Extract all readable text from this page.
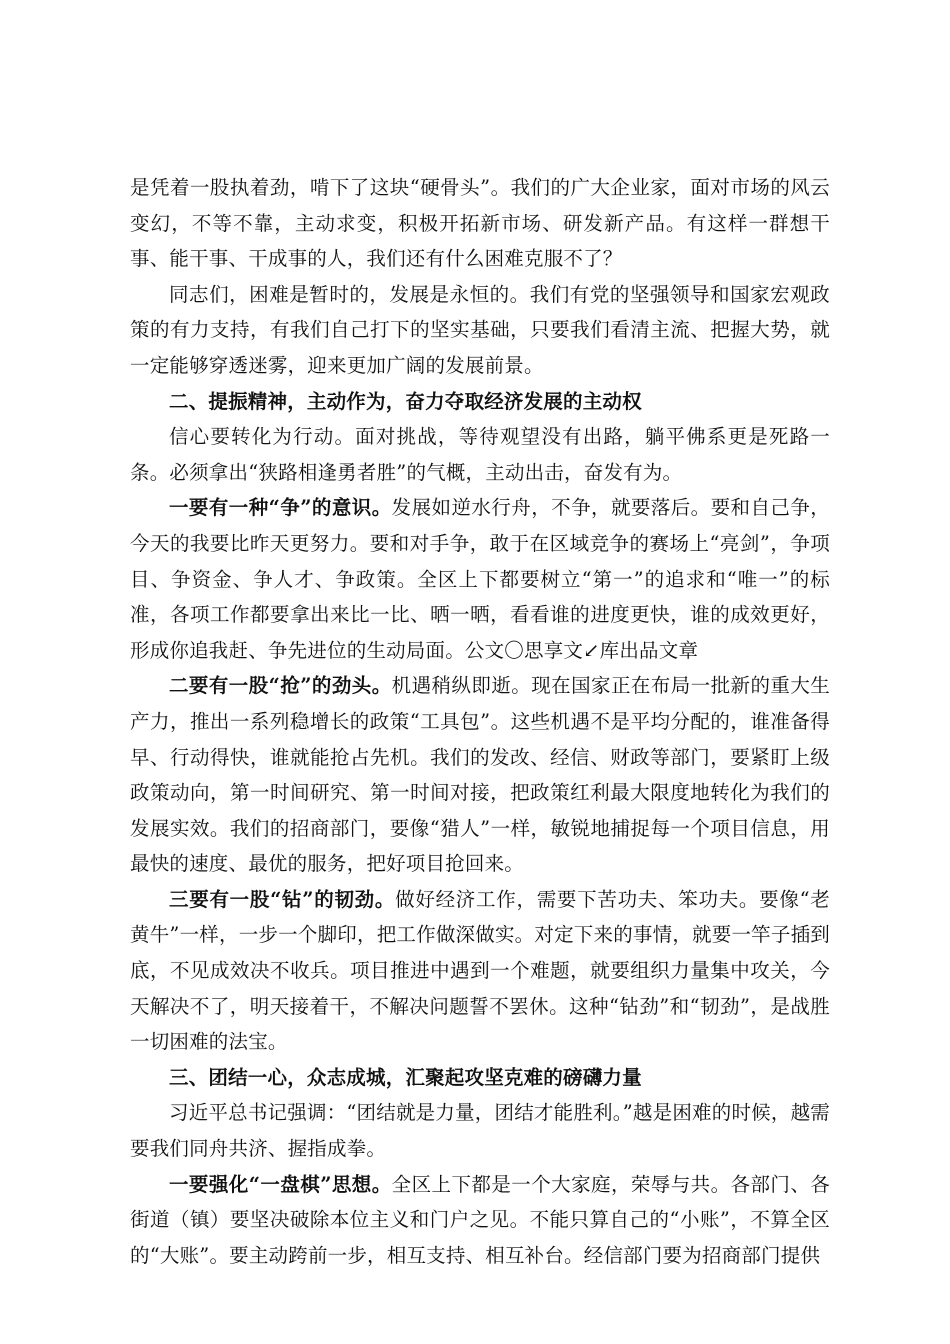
是凭着一股执着劲，啃下了这块“硬骨头”。我们的广大企业家，面对市场的风云变幻，不等不靠，主动求变，积极开拓新市场、研发新产品。有这样一群想干事、能干事、干成事的人，我们还有什么困难克服不了？

同志们，困难是暂时的，发展是永恒的。我们有党的坚强领导和国家宏观政策的有力支持，有我们自己打下的坚实基础，只要我们看清主流、把握大势，就一定能够穿透迷雾，迎来更加广阔的发展前景。

二、提振精神，主动作为，奋力夺取经济发展的主动权

信心要转化为行动。面对挑战，等待观望没有出路，躺平佛系更是死路一条。必须拿出“狭路相逢勇者胜”的气概，主动出击，奋发有为。

一要有一种“争”的意识。发展如逆水行舟，不争，就要落后。要和自己争，今天的我要比昨天更努力。要和对手争，敢于在区域竞争的赛场上“亮剑”，争项目、争资金、争人才、争政策。全区上下都要树立“第一”的追求和“唯一”的标准，各项工作都要拿出来比一比、晒一晒，看看谁的进度更快，谁的成效更好，形成你追我赶、争先进位的生动局面。公文〇思享文↙库出品文章

二要有一股“抢”的劲头。机遇稍纵即逝。现在国家正在布局一批新的重大生产力，推出一系列稳增长的政策“工具包”。这些机遇不是平均分配的，谁准备得早、行动得快，谁就能抢占先机。我们的发改、经信、财政等部门，要紧盯上级政策动向，第一时间研究、第一时间对接，把政策红利最大限度地转化为我们的发展实效。我们的招商部门，要像“猎人”一样，敏锐地捕捉每一个项目信息，用最快的速度、最优的服务，把好项目抢回来。

三要有一股“钻”的韧劲。做好经济工作，需要下苦功夫、笨功夫。要像“老黄牛”一样，一步一个脚印，把工作做深做实。对定下来的事情，就要一竿子插到底，不见成效决不收兵。项目推进中遇到一个难题，就要组织力量集中攻关，今天解决不了，明天接着干，不解决问题誓不罢休。这种“钻劲”和“韧劲”，是战胜一切困难的法宝。

三、团结一心，众志成城，汇聚起攻坚克难的磅礴力量

习近平总书记强调：“团结就是力量，团结才能胜利。”越是困难的时候，越需要我们同舟共济、握指成拳。

一要强化“一盘棋”思想。全区上下都是一个大家庭，荣辱与共。各部门、各街道（镇）要坚决破除本位主义和门户之见。不能只算自己的“小账”，不算全区的“大账”。要主动跨前一步，相互支持、相互补台。经信部门要为招商部门提供
